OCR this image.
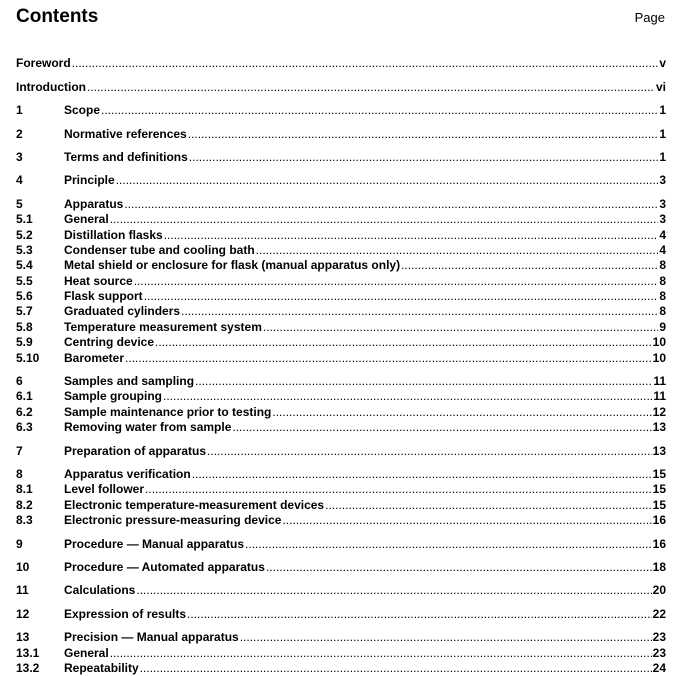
Contents	Page
Foreword .....	v
Introduction .....	vi
1	Scope .....	1
2	Normative references .....	1
3	Terms and definitions .....	1
4	Principle .....	3
5	Apparatus .....	3
5.1	General .....	3
5.2	Distillation flasks .....	4
5.3	Condenser tube and cooling bath .....	4
5.4	Metal shield or enclosure for flask (manual apparatus only) .....	8
5.5	Heat source .....	8
5.6	Flask support .....	8
5.7	Graduated cylinders .....	8
5.8	Temperature measurement system .....	9
5.9	Centring device .....	10
5.10	Barometer .....	10
6	Samples and sampling .....	11
6.1	Sample grouping .....	11
6.2	Sample maintenance prior to testing .....	12
6.3	Removing water from sample .....	13
7	Preparation of apparatus .....	13
8	Apparatus verification .....	15
8.1	Level follower .....	15
8.2	Electronic temperature-measurement devices .....	15
8.3	Electronic pressure-measuring device .....	16
9	Procedure — Manual apparatus .....	16
10	Procedure — Automated apparatus .....	18
11	Calculations .....	20
12	Expression of results .....	22
13	Precision — Manual apparatus .....	23
13.1	General .....	23
13.2	Repeatability .....	24
